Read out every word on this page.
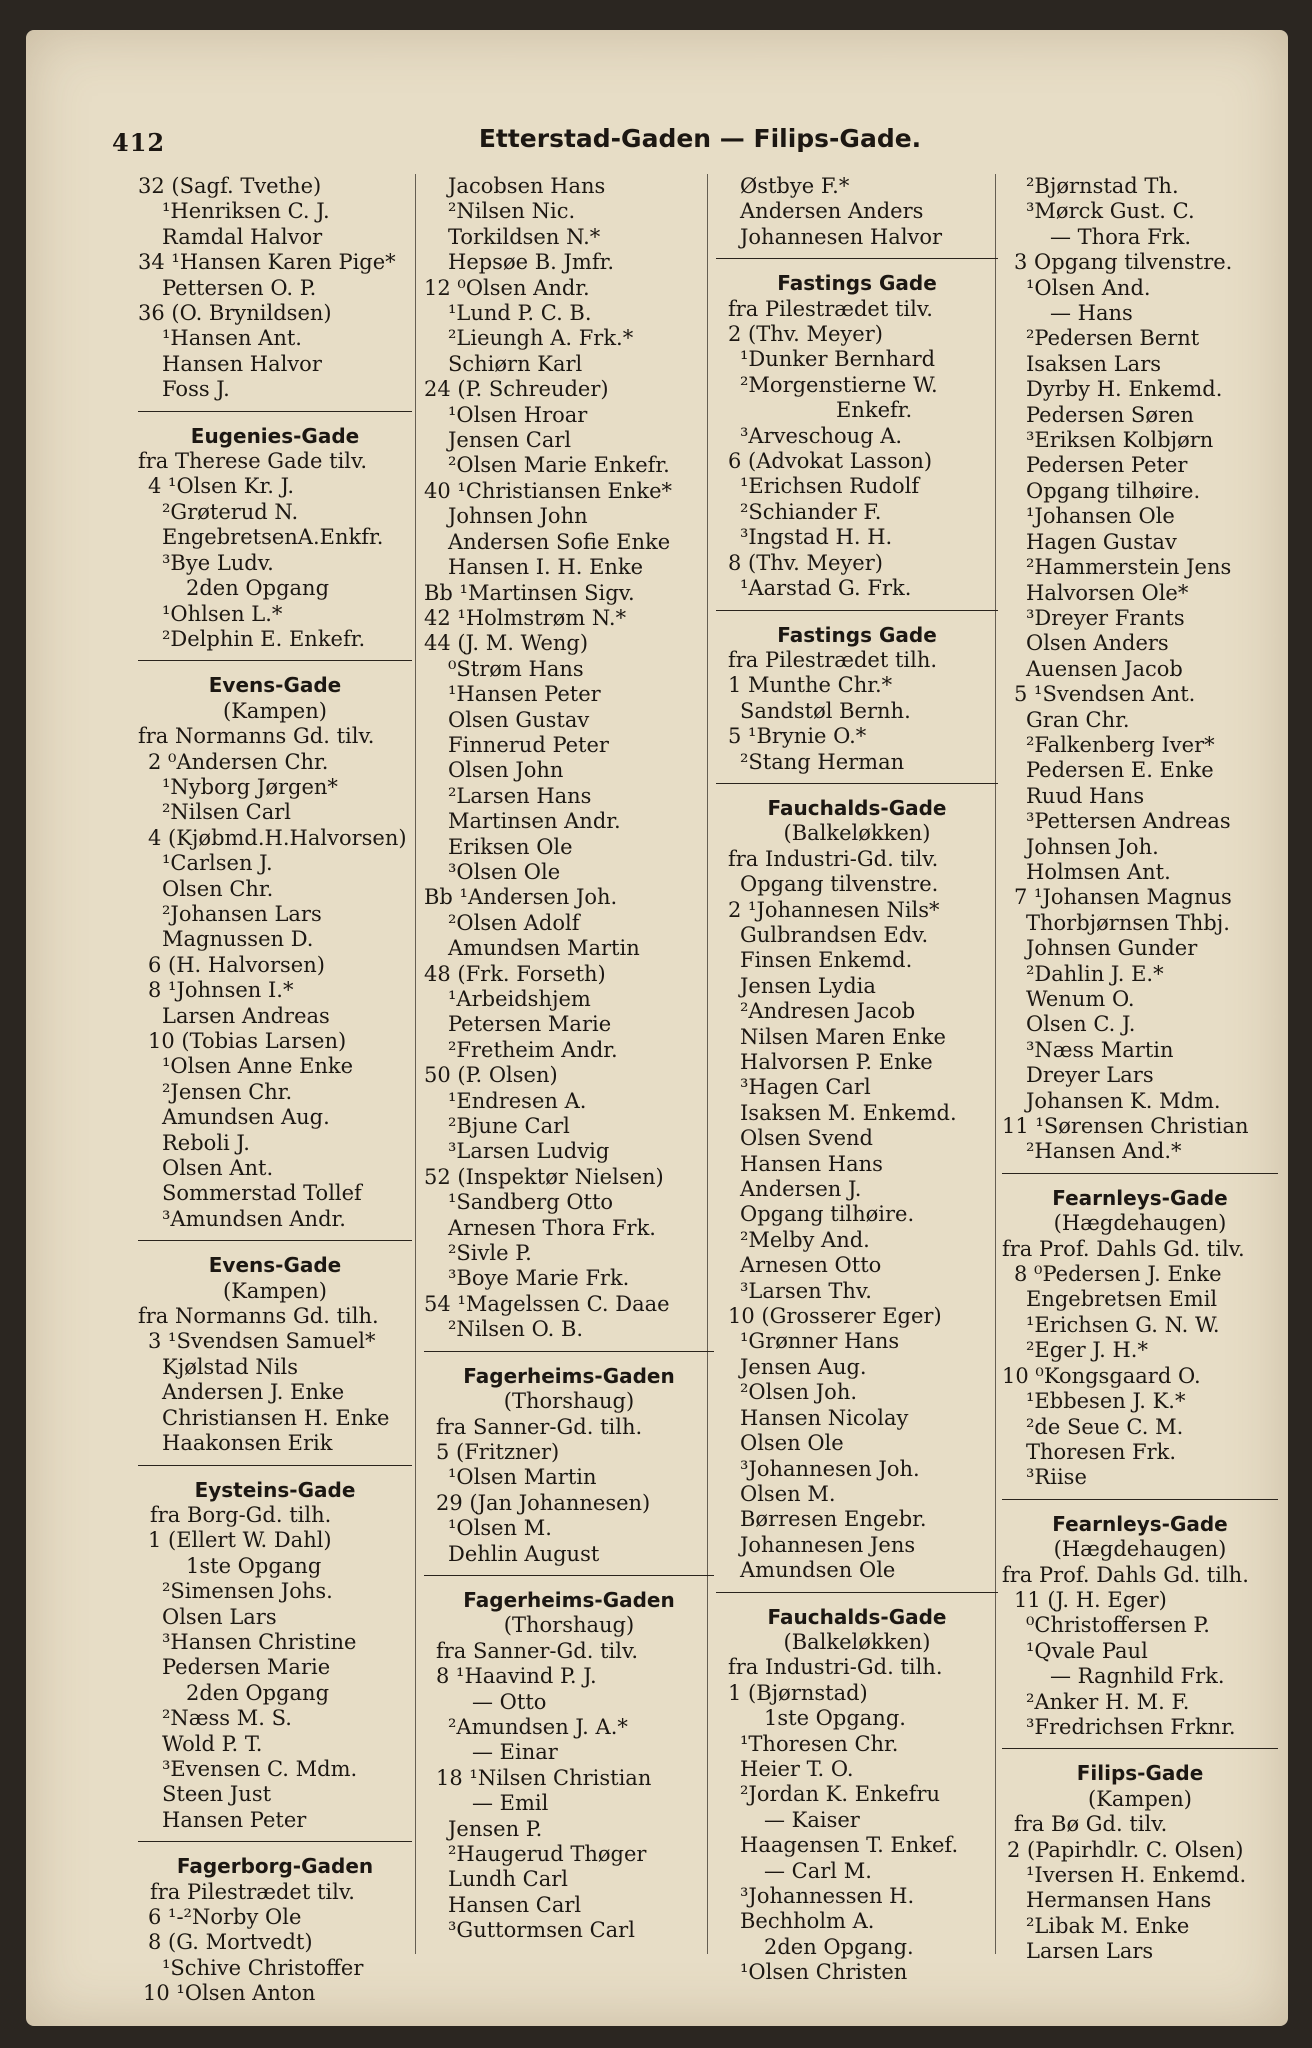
412	Etterstad-Gaden — Filips-Gade.
32 (Sagf. Tvethe)
¹Henriksen C. J.
Ramdal Halvor
34 ¹Hansen Karen Pige*
Pettersen O. P.
36 (O. Brynildsen)
¹Hansen Ant.
Hansen Halvor
Foss J.
Eugenies-Gade
fra Therese Gade tilv.
4 ¹Olsen Kr. J.
²Grøterud N.
EngebretsenA.Enkfr.
³Bye Ludv.
2den Opgang
¹Ohlsen L.*
²Delphin E. Enkefr.
Evens-Gade
(Kampen)
fra Normanns Gd. tilv.
2 ⁰Andersen Chr.
¹Nyborg Jørgen*
²Nilsen Carl
4 (Kjøbmd.H.Halvorsen)
¹Carlsen J.
Olsen Chr.
²Johansen Lars
Magnussen D.
6 (H. Halvorsen)
8 ¹Johnsen I.*
Larsen Andreas
10 (Tobias Larsen)
¹Olsen Anne Enke
²Jensen Chr.
Amundsen Aug.
Reboli J.
Olsen Ant.
Sommerstad Tollef
³Amundsen Andr.
Evens-Gade
(Kampen)
fra Normanns Gd. tilh.
3 ¹Svendsen Samuel*
Kjølstad Nils
Andersen J. Enke
Christiansen H. Enke
Haakonsen Erik
Eysteins-Gade
fra Borg-Gd. tilh.
1 (Ellert W. Dahl)
1ste Opgang
²Simensen Johs.
Olsen Lars
³Hansen Christine
Pedersen Marie
2den Opgang
²Næss M. S.
Wold P. T.
³Evensen C. Mdm.
Steen Just
Hansen Peter
Fagerborg-Gaden
fra Pilestrædet tilv.
6 ¹-²Norby Ole
8 (G. Mortvedt)
¹Schive Christoffer
10 ¹Olsen Anton
Jacobsen Hans
²Nilsen Nic.
Torkildsen N.*
Hepsøe B. Jmfr.
12 ⁰Olsen Andr.
¹Lund P. C. B.
²Lieungh A. Frk.*
Schiørn Karl
24 (P. Schreuder)
¹Olsen Hroar
Jensen Carl
²Olsen Marie Enkefr.
40 ¹Christiansen Enke*
Johnsen John
Andersen Sofie Enke
Hansen I. H. Enke
Bb ¹Martinsen Sigv.
42 ¹Holmstrøm N.*
44 (J. M. Weng)
⁰Strøm Hans
¹Hansen Peter
Olsen Gustav
Finnerud Peter
Olsen John
²Larsen Hans
Martinsen Andr.
Eriksen Ole
³Olsen Ole
Bb ¹Andersen Joh.
²Olsen Adolf
Amundsen Martin
48 (Frk. Forseth)
¹Arbeidshjem
Petersen Marie
²Fretheim Andr.
50 (P. Olsen)
¹Endresen A.
²Bjune Carl
³Larsen Ludvig
52 (Inspektør Nielsen)
¹Sandberg Otto
Arnesen Thora Frk.
²Sivle P.
³Boye Marie Frk.
54 ¹Magelssen C. Daae
²Nilsen O. B.
Fagerheims-Gaden
(Thorshaug)
fra Sanner-Gd. tilh.
5 (Fritzner)
¹Olsen Martin
29 (Jan Johannesen)
¹Olsen M.
Dehlin August
Fagerheims-Gaden
(Thorshaug)
fra Sanner-Gd. tilv.
8 ¹Haavind P. J.
— Otto
²Amundsen J. A.*
— Einar
18 ¹Nilsen Christian
— Emil
Jensen P.
²Haugerud Thøger
Lundh Carl
Hansen Carl
³Guttormsen Carl
Østbye F.*
Andersen Anders
Johannesen Halvor
Fastings Gade
fra Pilestrædet tilv.
2 (Thv. Meyer)
¹Dunker Bernhard
²Morgenstierne W.
Enkefr.
³Arveschoug A.
6 (Advokat Lasson)
¹Erichsen Rudolf
²Schiander F.
³Ingstad H. H.
8 (Thv. Meyer)
¹Aarstad G. Frk.
Fastings Gade
fra Pilestrædet tilh.
1 Munthe Chr.*
Sandstøl Bernh.
5 ¹Brynie O.*
²Stang Herman
Fauchalds-Gade
(Balkeløkken)
fra Industri-Gd. tilv.
Opgang tilvenstre.
2 ¹Johannesen Nils*
Gulbrandsen Edv.
Finsen Enkemd.
Jensen Lydia
²Andresen Jacob
Nilsen Maren Enke
Halvorsen P. Enke
³Hagen Carl
Isaksen M. Enkemd.
Olsen Svend
Hansen Hans
Andersen J.
Opgang tilhøire.
²Melby And.
Arnesen Otto
³Larsen Thv.
10 (Grosserer Eger)
¹Grønner Hans
Jensen Aug.
²Olsen Joh.
Hansen Nicolay
Olsen Ole
³Johannesen Joh.
Olsen M.
Børresen Engebr.
Johannesen Jens
Amundsen Ole
Fauchalds-Gade
(Balkeløkken)
fra Industri-Gd. tilh.
1 (Bjørnstad)
1ste Opgang.
¹Thoresen Chr.
Heier T. O.
²Jordan K. Enkefru
— Kaiser
Haagensen T. Enkef.
— Carl M.
³Johannessen H.
Bechholm A.
2den Opgang.
¹Olsen Christen
²Bjørnstad Th.
³Mørck Gust. C.
— Thora Frk.
3 Opgang tilvenstre.
¹Olsen And.
— Hans
²Pedersen Bernt
Isaksen Lars
Dyrby H. Enkemd.
Pedersen Søren
³Eriksen Kolbjørn
Pedersen Peter
Opgang tilhøire.
¹Johansen Ole
Hagen Gustav
²Hammerstein Jens
Halvorsen Ole*
³Dreyer Frants
Olsen Anders
Auensen Jacob
5 ¹Svendsen Ant.
Gran Chr.
²Falkenberg Iver*
Pedersen E. Enke
Ruud Hans
³Pettersen Andreas
Johnsen Joh.
Holmsen Ant.
7 ¹Johansen Magnus
Thorbjørnsen Thbj.
Johnsen Gunder
²Dahlin J. E.*
Wenum O.
Olsen C. J.
³Næss Martin
Dreyer Lars
Johansen K. Mdm.
11 ¹Sørensen Christian
²Hansen And.*
Fearnleys-Gade
(Hægdehaugen)
fra Prof. Dahls Gd. tilv.
8 ⁰Pedersen J. Enke
Engebretsen Emil
¹Erichsen G. N. W.
²Eger J. H.*
10 ⁰Kongsgaard O.
¹Ebbesen J. K.*
²de Seue C. M.
Thoresen Frk.
³Riise
Fearnleys-Gade
(Hægdehaugen)
fra Prof. Dahls Gd. tilh.
11 (J. H. Eger)
⁰Christoffersen P.
¹Qvale Paul
— Ragnhild Frk.
²Anker H. M. F.
³Fredrichsen Frknr.
Filips-Gade
(Kampen)
fra Bø Gd. tilv.
2 (Papirhdlr. C. Olsen)
¹Iversen H. Enkemd.
Hermansen Hans
²Libak M. Enke
Larsen Lars
